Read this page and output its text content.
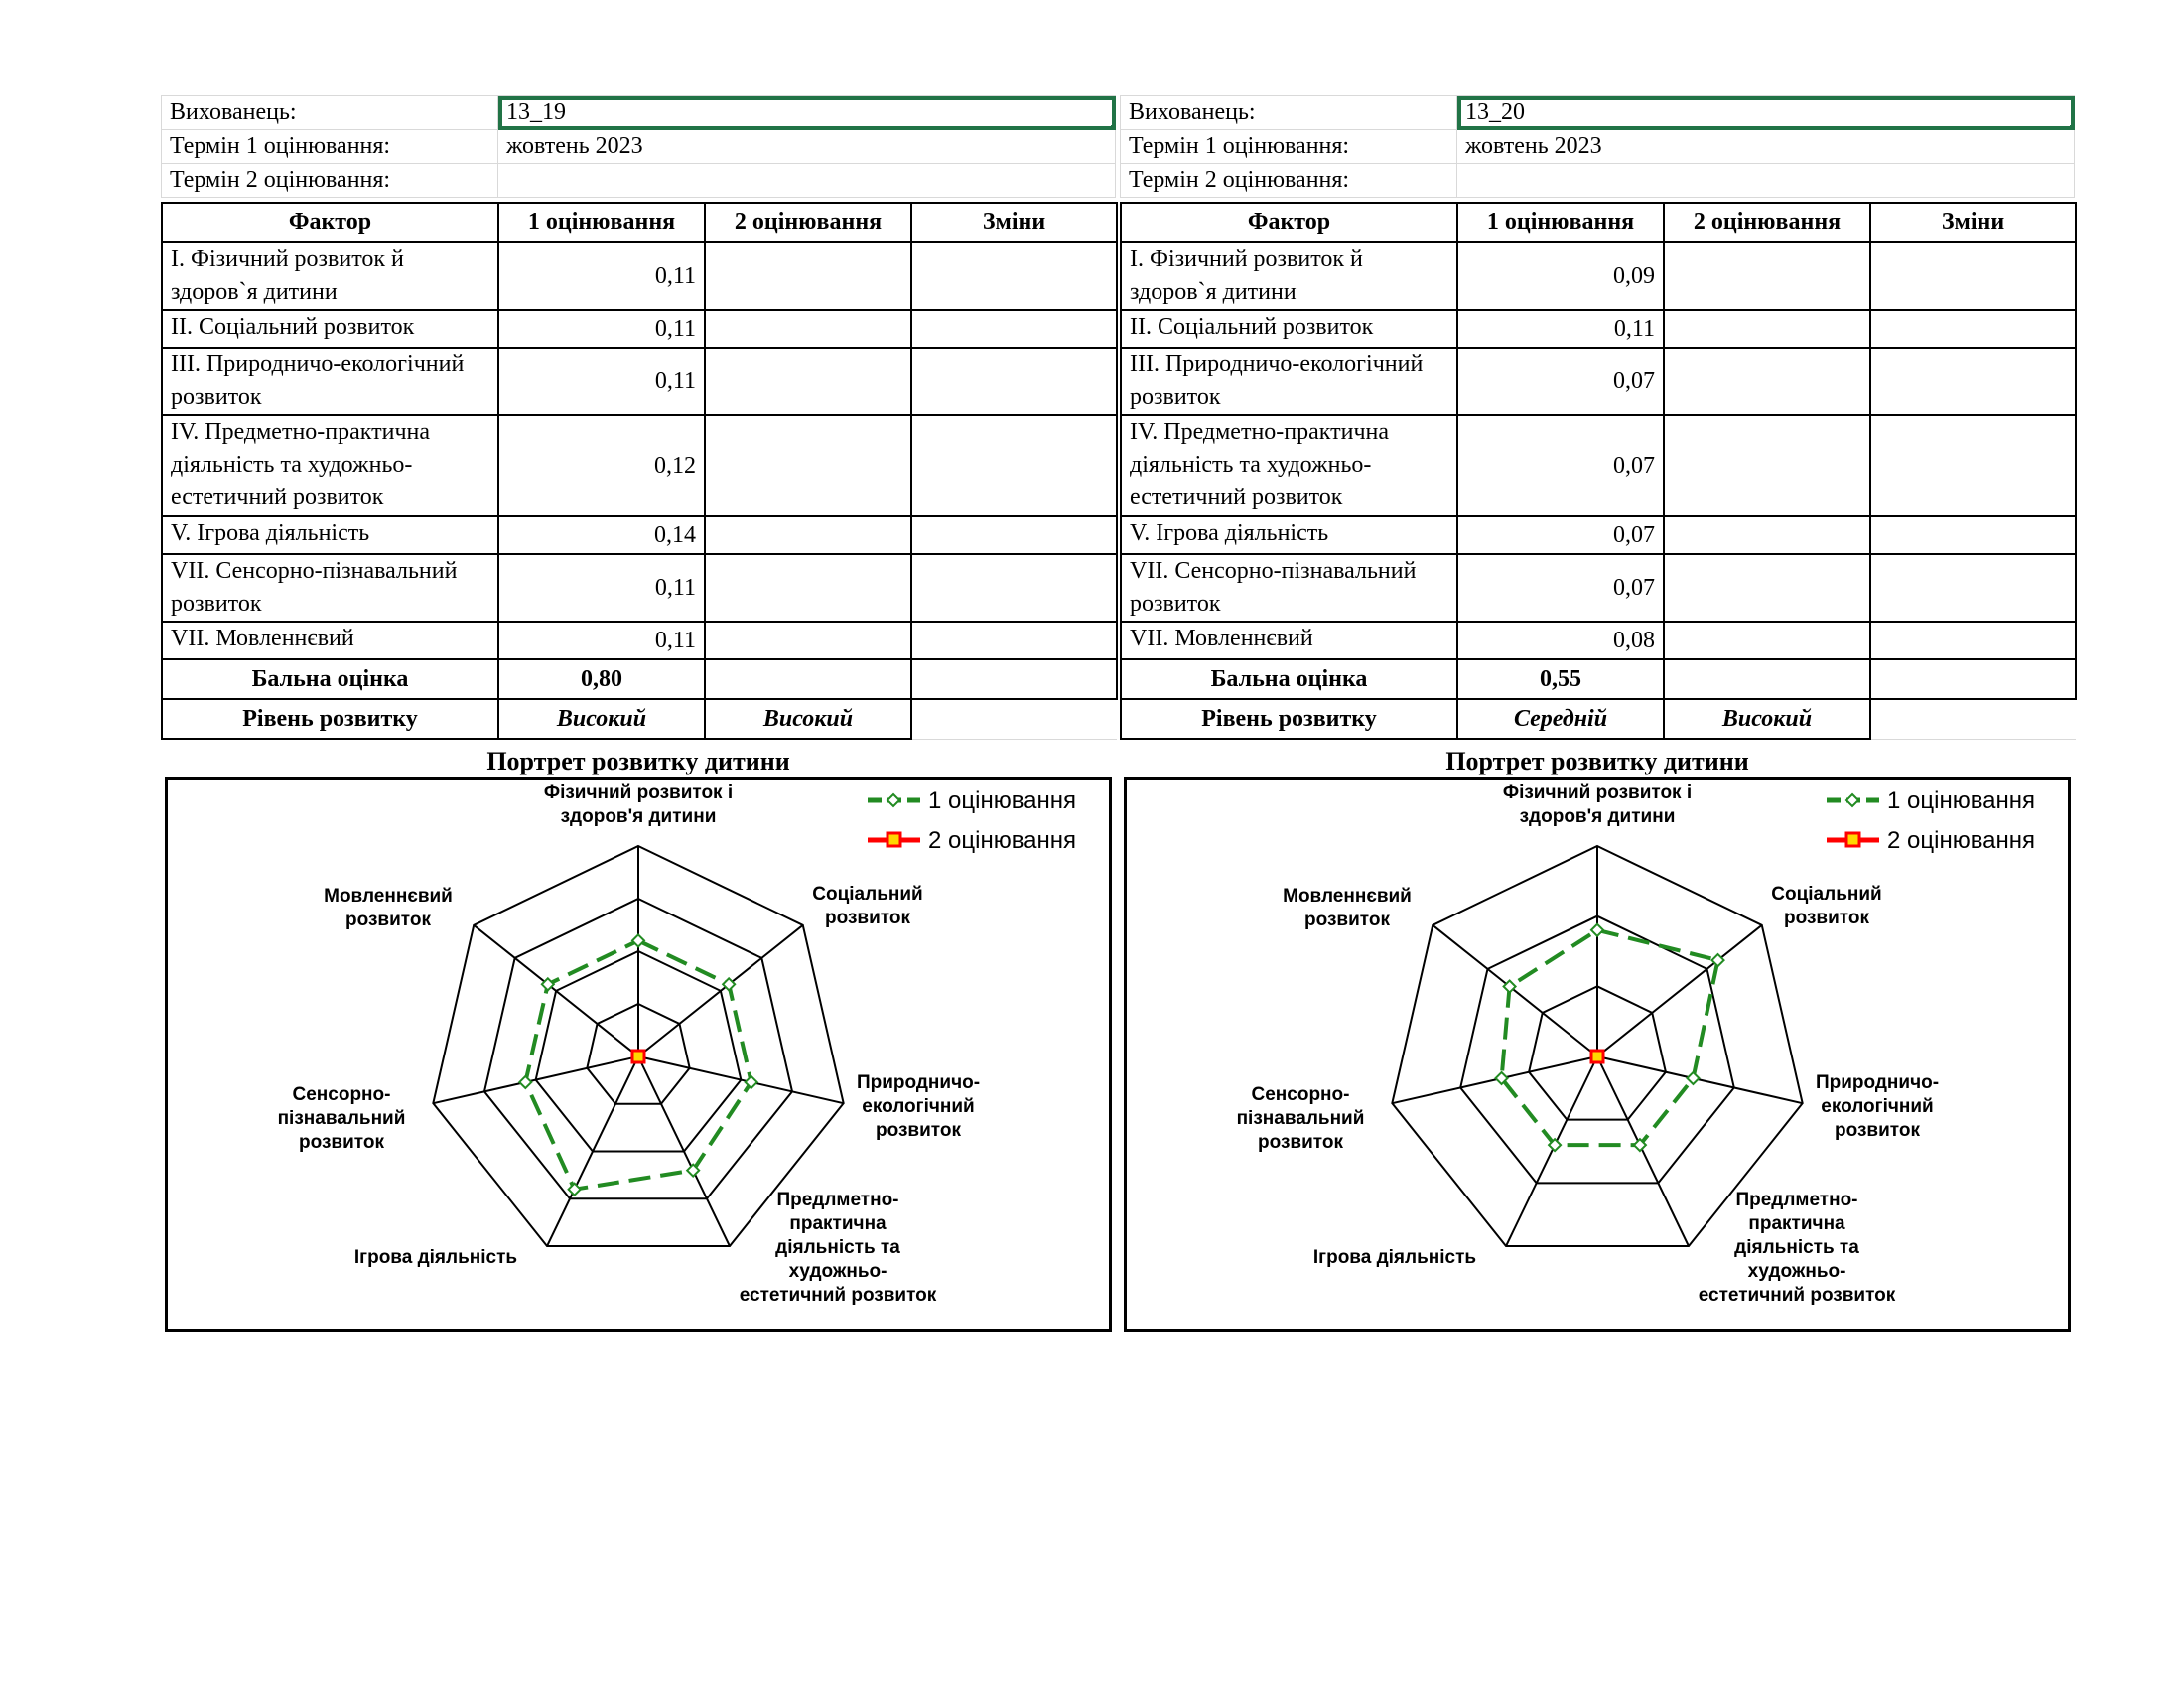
Вихованець:	13_19

Термін 1 оцінювання:	жовтень 2023
Термін 2 оцінювання:	
Фактор	1 оцінювання	2 оцінювання	Зміни
I. Фізичний розвиток й здоров`я дитини	0,11		
II. Соціальний розвиток	0,11		
III. Природничо-екологічний розвиток	0,11		
IV. Предметно-практична діяльність та художньо-естетичний розвиток	0,12		
V. Ігрова діяльність	0,14		
VII. Сенсорно-пізнавальний розвиток	0,11		
VII. Мовленнєвий	0,11		
Бальна оцінка	0,80		
Рівень розвитку	Високий	Високий	
Портрет розвитку дитини
Фізичний розвиток і здоров'я дитини
Соціальний розвиток
Природничо-екологічний розвиток
Предлметно-практична діяльність та художньо-естетичний розвиток
Ігрова діяльність
Сенсорно-пізнавальний розвиток
Мовленнєвий розвиток
1 оцінювання
2 оцінювання
Вихованець:	13_20

Термін 1 оцінювання:	жовтень 2023
Термін 2 оцінювання:	
Фактор	1 оцінювання	2 оцінювання	Зміни
I. Фізичний розвиток й здоров`я дитини	0,09		
II. Соціальний розвиток	0,11		
III. Природничо-екологічний розвиток	0,07		
IV. Предметно-практична діяльність та художньо-естетичний розвиток	0,07		
V. Ігрова діяльність	0,07		
VII. Сенсорно-пізнавальний розвиток	0,07		
VII. Мовленнєвий	0,08		
Бальна оцінка	0,55		
Рівень розвитку	Середній	Високий	
Портрет розвитку дитини
Фізичний розвиток і здоров'я дитини
Соціальний розвиток
Природничо-екологічний розвиток
Предлметно-практична діяльність та художньо-естетичний розвиток
Ігрова діяльність
Сенсорно-пізнавальний розвиток
Мовленнєвий розвиток
1 оцінювання
2 оцінювання
